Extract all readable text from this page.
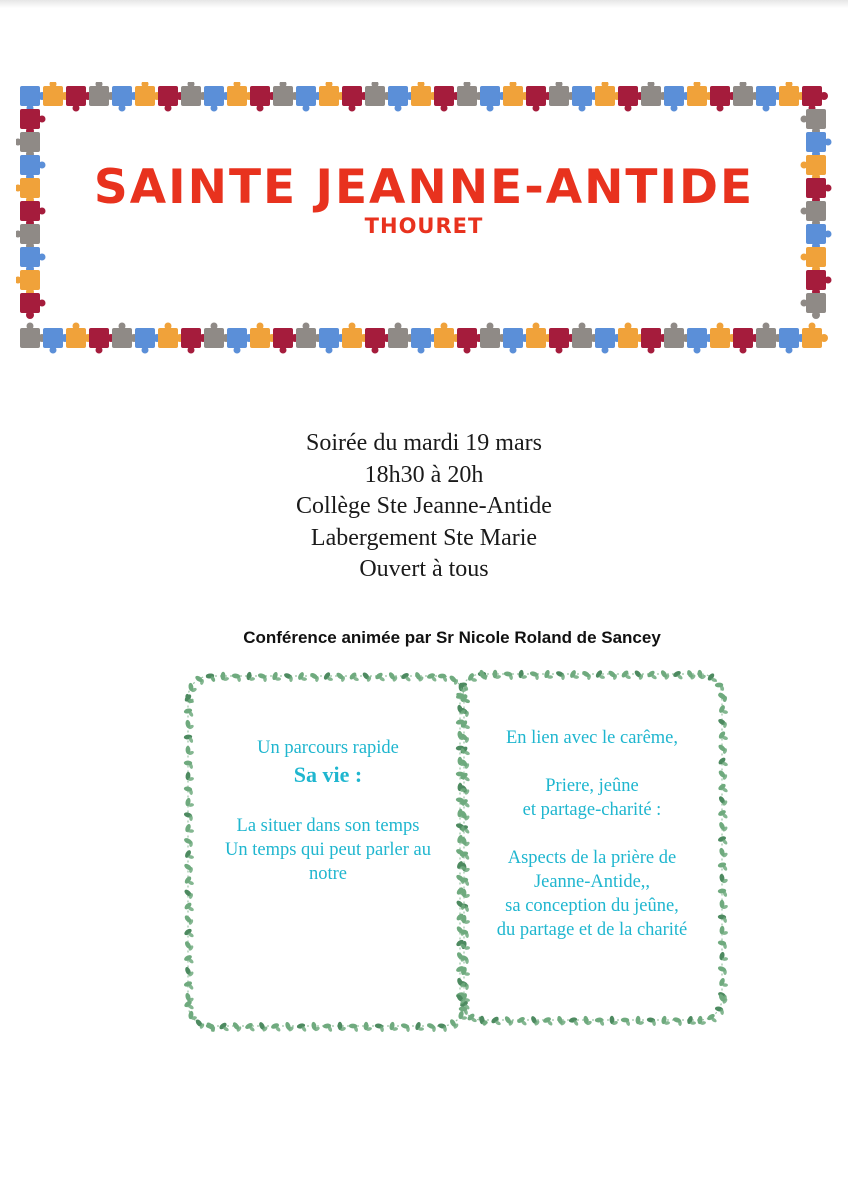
SAINTE JEANNE-ANTIDE
THOURET
Soirée du mardi 19 mars
18h30 à 20h
Collège Ste Jeanne-Antide
Labergement Ste Marie
Ouvert à tous
Conférence animée par Sr Nicole Roland de Sancey
Un parcours rapide
Sa vie :
La situer dans son temps
Un temps qui peut parler au
notre
En lien avec le carême,
Priere, jeûne
et partage-charité :
Aspects de la prière de
Jeanne-Antide,,
sa conception du jeûne,
du partage et de la charité
